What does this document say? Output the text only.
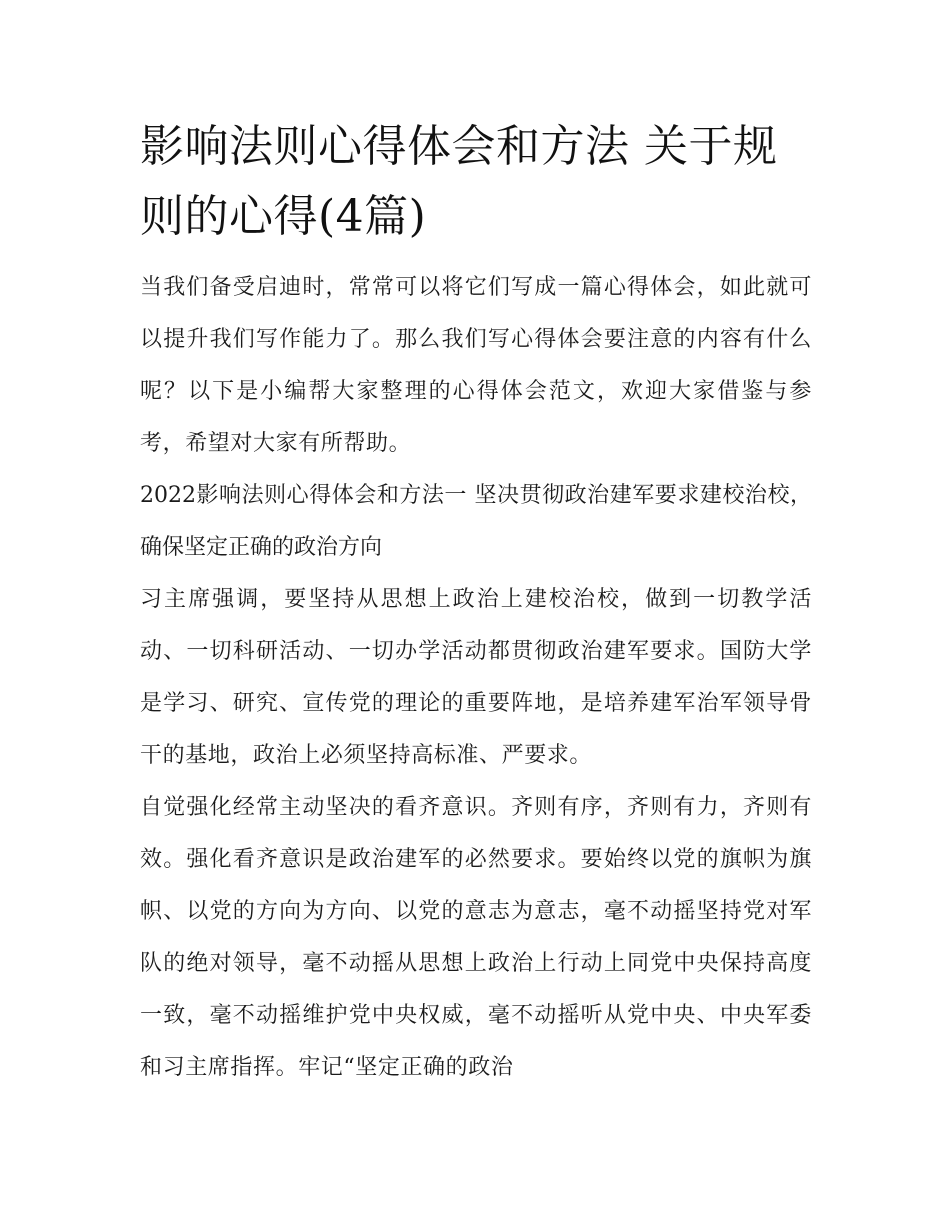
影响法则心得体会和方法 关于规则的心得(4篇)

当我们备受启迪时，常常可以将它们写成一篇心得体会，如此就可以提升我们写作能力了。那么我们写心得体会要注意的内容有什么呢？以下是小编帮大家整理的心得体会范文，欢迎大家借鉴与参考，希望对大家有所帮助。

2022影响法则心得体会和方法一 坚决贯彻政治建军要求建校治校，确保坚定正确的政治方向

习主席强调，要坚持从思想上政治上建校治校，做到一切教学活动、一切科研活动、一切办学活动都贯彻政治建军要求。国防大学是学习、研究、宣传党的理论的重要阵地，是培养建军治军领导骨干的基地，政治上必须坚持高标准、严要求。

自觉强化经常主动坚决的看齐意识。齐则有序，齐则有力，齐则有效。强化看齐意识是政治建军的必然要求。要始终以党的旗帜为旗帜、以党的方向为方向、以党的意志为意志，毫不动摇坚持党对军队的绝对领导，毫不动摇从思想上政治上行动上同党中央保持高度一致，毫不动摇维护党中央权威，毫不动摇听从党中央、中央军委和习主席指挥。牢记“坚定正确的政治
